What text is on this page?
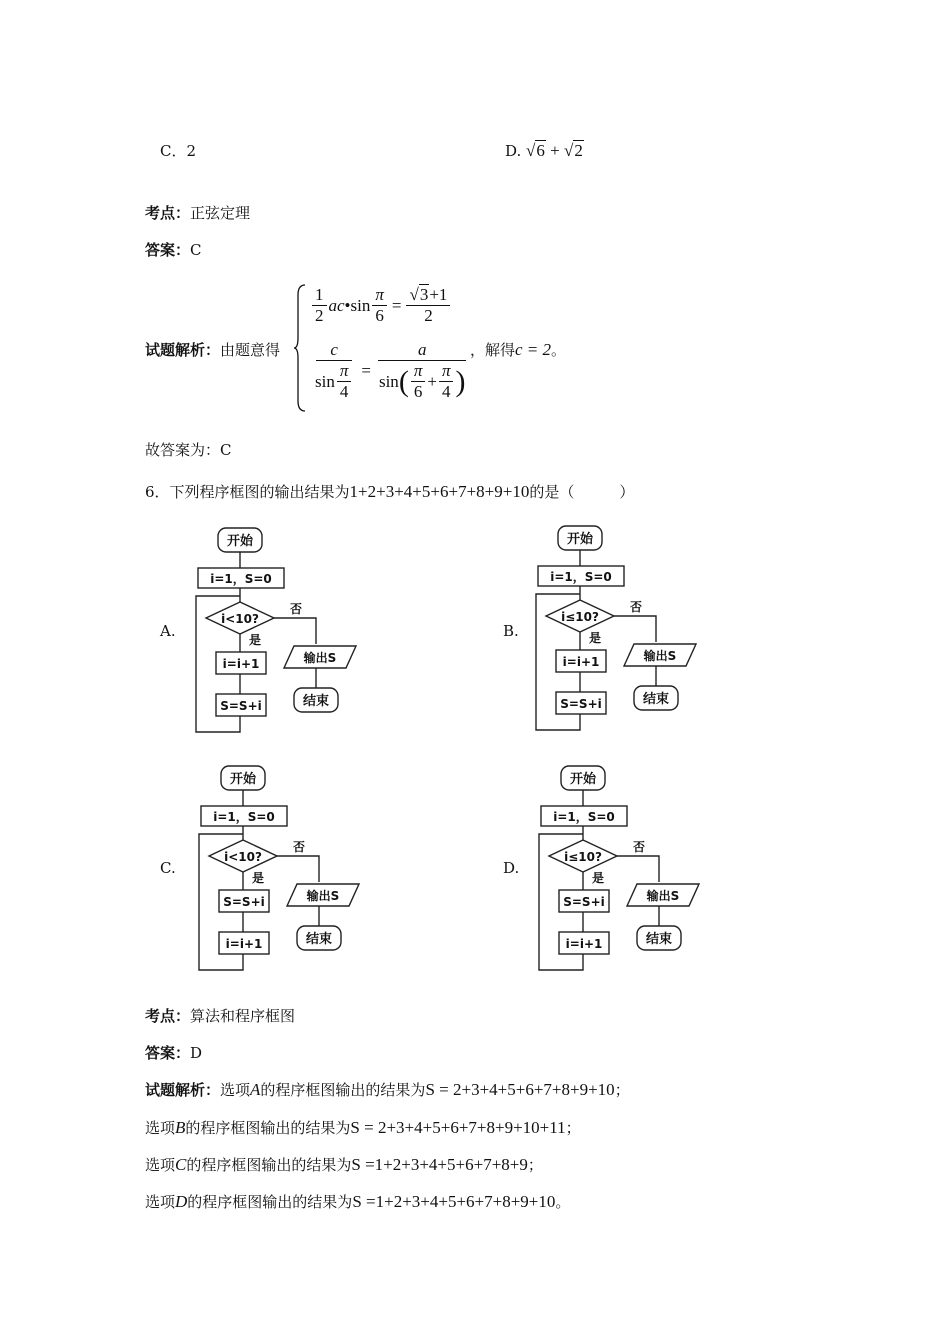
C．2	D. √6 + √2
考点：正弦定理
答案：C
试题解析：由题意得
$\frac{1}{2}$ ac •sin $\frac{\pi}{6} = \frac{√3+1}{2}$
$\frac{c}{\sin \frac{\pi}{4}} = \frac{a}{\sin ( \frac{\pi}{6} + \frac{\pi}{4} )}$ ，解得c = 2。
故答案为：C
6．下列程序框图的输出结果为1+2+3+4+5+6+7+8+9+10的是（　　　）
A.	B.
C.	D.
开始
i=1，S=0
i<10?
否
输出S
结束
是
i=i+1
S=S+i
开始
i=1，S=0
i≤10?
否
输出S
结束
是
i=i+1
S=S+i
开始
i=1，S=0
i<10?
否
输出S
结束
是
S=S+i
i=i+1
开始
i=1，S=0
i≤10?
否
输出S
结束
是
S=S+i
i=i+1
考点：算法和程序框图
答案：D
试题解析：选项A的程序框图输出的结果为S = 2+3+4+5+6+7+8+9+10；
选项B的程序框图输出的结果为S = 2+3+4+5+6+7+8+9+10+11；
选项C的程序框图输出的结果为S =1+2+3+4+5+6+7+8+9；
选项D的程序框图输出的结果为S =1+2+3+4+5+6+7+8+9+10。
